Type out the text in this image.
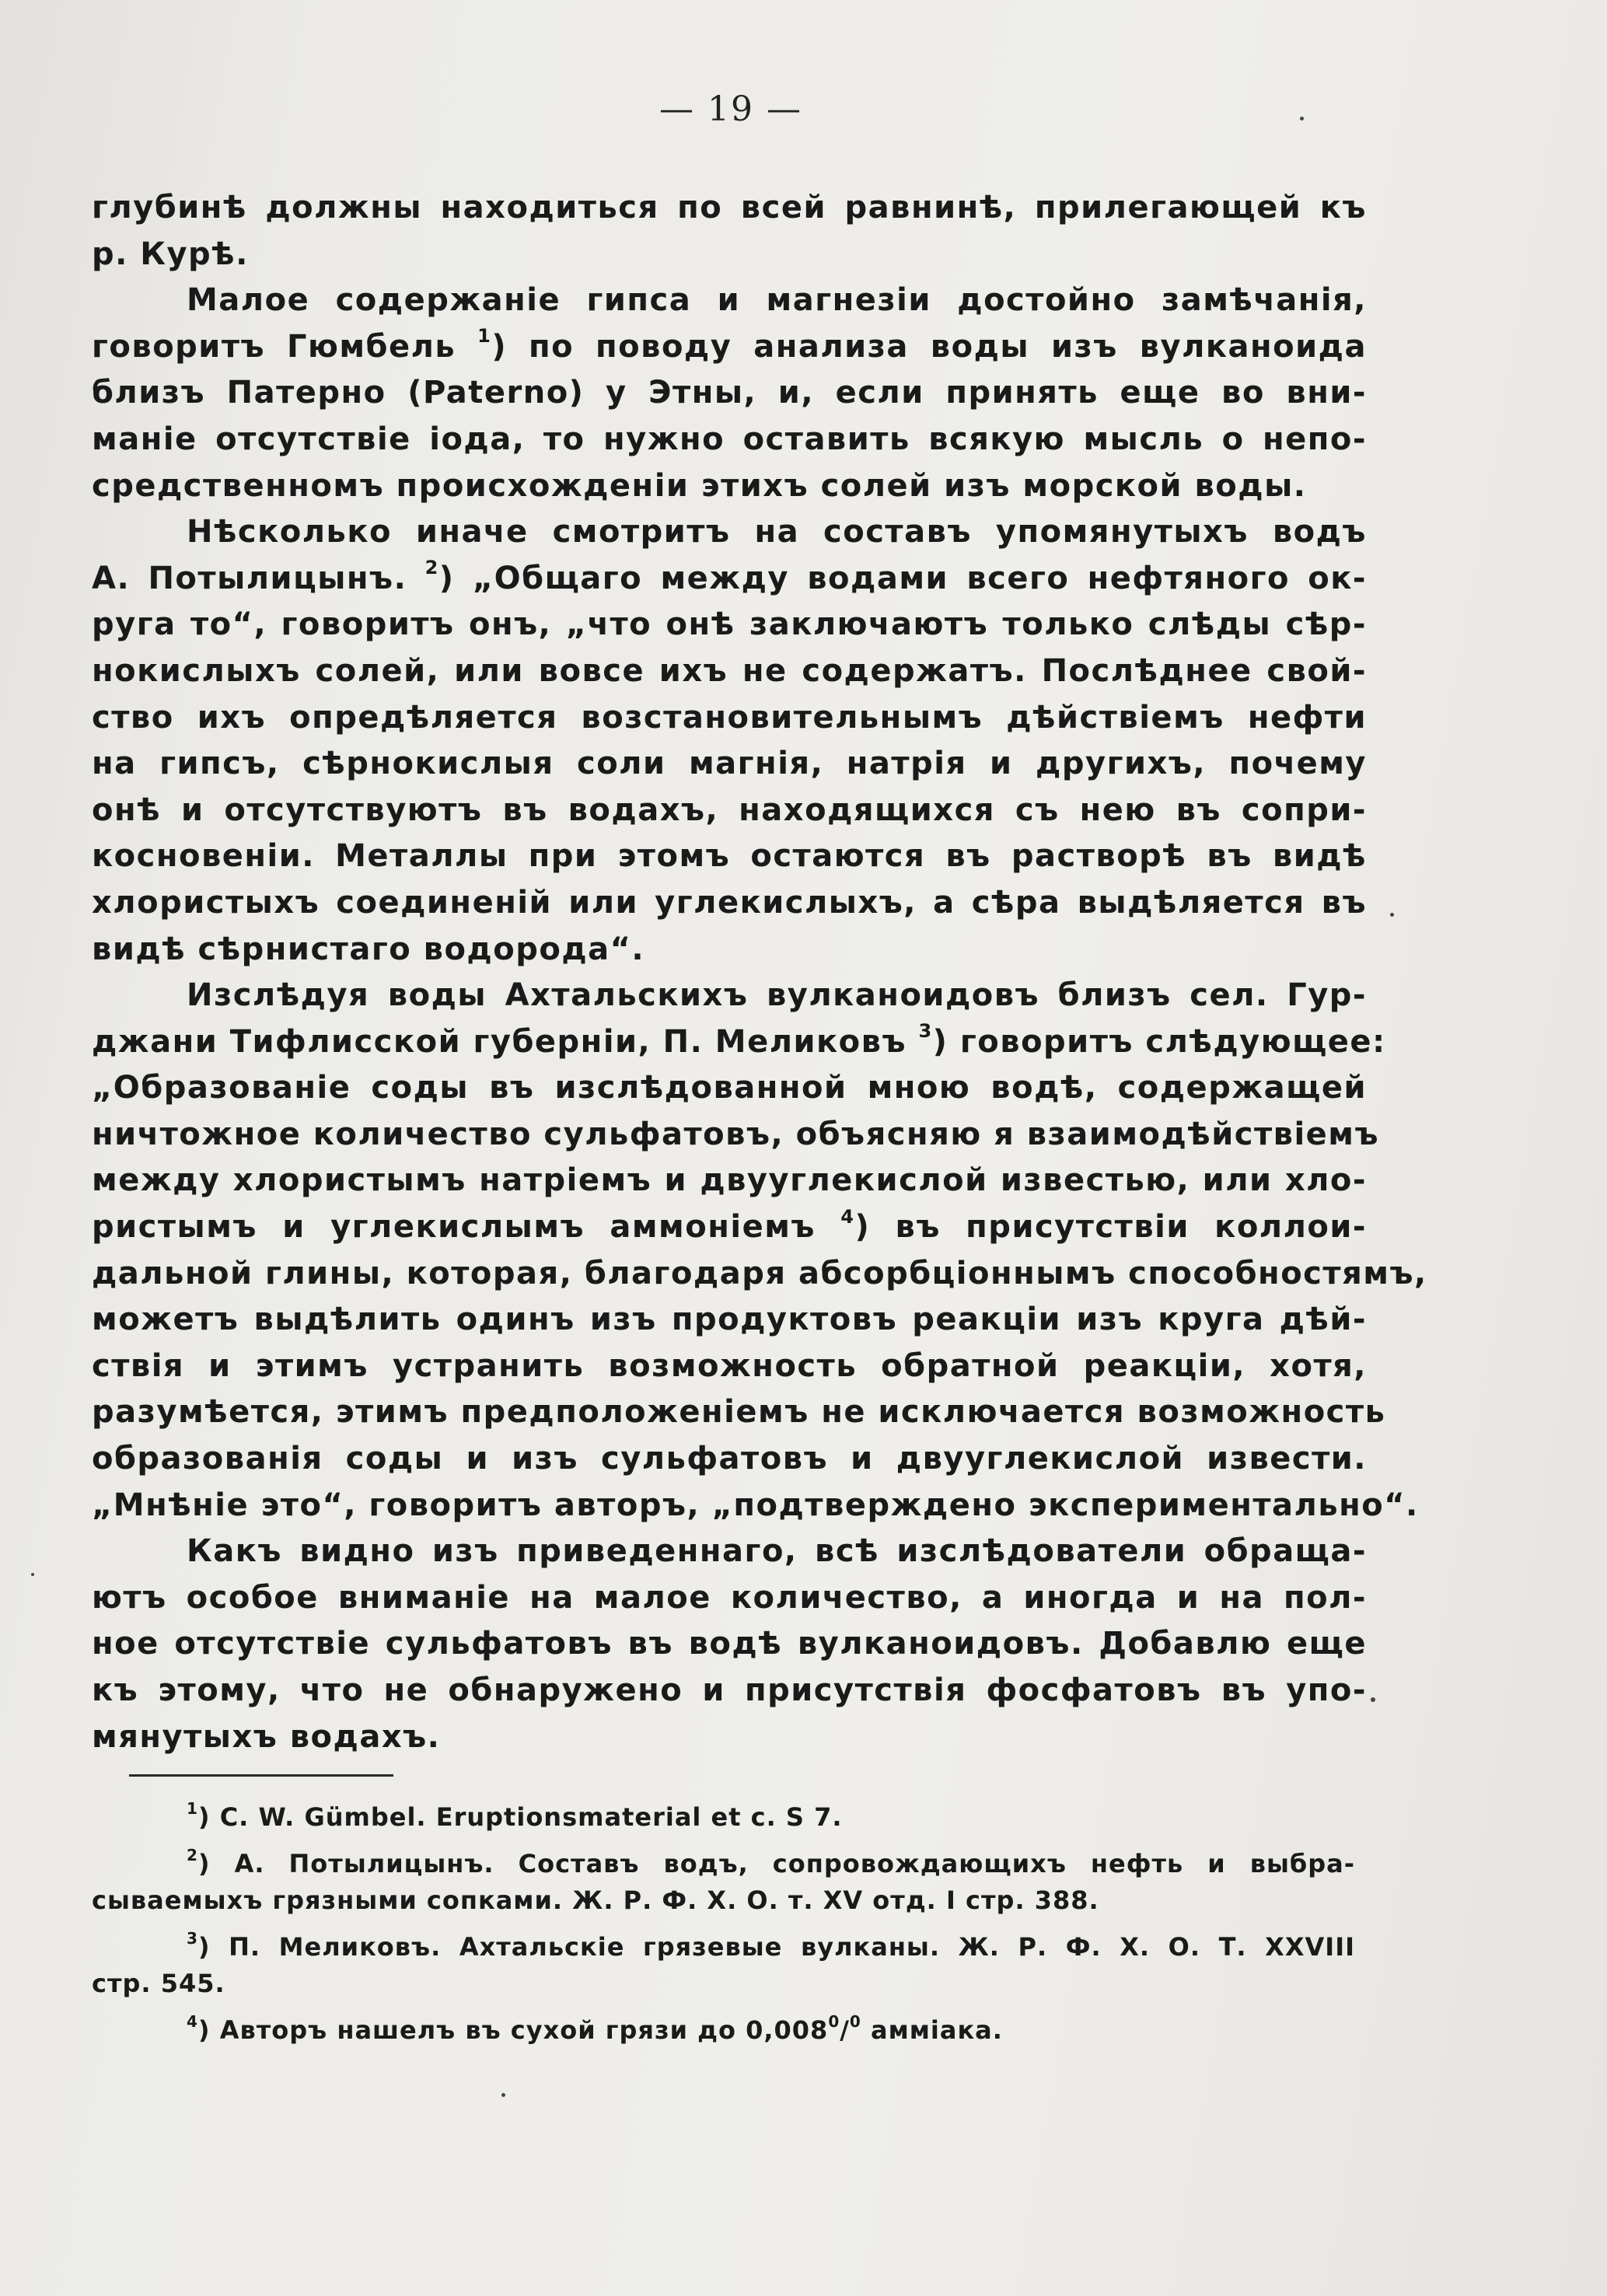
— 19 —
глубинѣ должны находиться по всей равнинѣ, прилегающей къ
р. Курѣ.
Малое содержаніе гипса и магнезіи достойно замѣчанія,
говоритъ Гюмбель $^1$) по поводу анализа воды изъ вулканоида
близъ Патерно (Paterno) у Этны, и, если принять еще во вни-
маніе отсутствіе іода, то нужно оставить всякую мысль о непо-
средственномъ происхожденіи этихъ солей изъ морской воды.
Нѣсколько иначе смотритъ на составъ упомянутыхъ водъ
А. Потылицынъ. $^2$) „Общаго между водами всего нефтяного ок-
руга то“, говоритъ онъ, „что онѣ заключаютъ только слѣды сѣр-
нокислыхъ солей, или вовсе ихъ не содержатъ. Послѣднее свой-
ство ихъ опредѣляется возстановительнымъ дѣйствіемъ нефти
на гипсъ, сѣрнокислыя соли магнія, натрія и другихъ, почему
онѣ и отсутствуютъ въ водахъ, находящихся съ нею въ сопри-
косновеніи. Металлы при этомъ остаются въ растворѣ въ видѣ
хлористыхъ соединеній или углекислыхъ, а сѣра выдѣляется въ
видѣ сѣрнистаго водорода“.
Изслѣдуя воды Ахтальскихъ вулканоидовъ близъ сел. Гур-
джани Тифлисской губерніи, П. Меликовъ $^3$) говоритъ слѣдующее:
„Образованіе соды въ изслѣдованной мною водѣ, содержащей
ничтожное количество сульфатовъ, объясняю я взаимодѣйствіемъ
между хлористымъ натріемъ и двууглекислой известью, или хло-
ристымъ и углекислымъ аммоніемъ $^4$) въ присутствіи коллои-
дальной глины, которая, благодаря абсорбціоннымъ способностямъ,
можетъ выдѣлить одинъ изъ продуктовъ реакціи изъ круга дѣй-
ствія и этимъ устранить возможность обратной реакціи, хотя,
разумѣется, этимъ предположеніемъ не исключается возможность
образованія соды и изъ сульфатовъ и двууглекислой извести.
„Мнѣніе это“, говоритъ авторъ, „подтверждено экспериментально“.
Какъ видно изъ приведеннаго, всѣ изслѣдователи обраща-
ютъ особое вниманіе на малое количество, а иногда и на пол-
ное отсутствіе сульфатовъ въ водѣ вулканоидовъ. Добавлю еще
къ этому, что не обнаружено и присутствія фосфатовъ въ упо-
мянутыхъ водахъ.
$^1$) C. W. Gümbel. Eruptionsmaterial et c. S 7.
$^2$) А. Потылицынъ. Составъ водъ, сопровождающихъ нефть и выбра-
сываемыхъ грязными сопками. Ж. Р. Ф. Х. О. т. XV отд. I стр. 388.
$^3$) П. Меликовъ. Ахтальскіе грязевые вулканы. Ж. Р. Ф. Х. О. Т. XXVIII
стр. 545.
$^4$) Авторъ нашелъ въ сухой грязи до 0,008$^0$/$^0$ аммiака.
